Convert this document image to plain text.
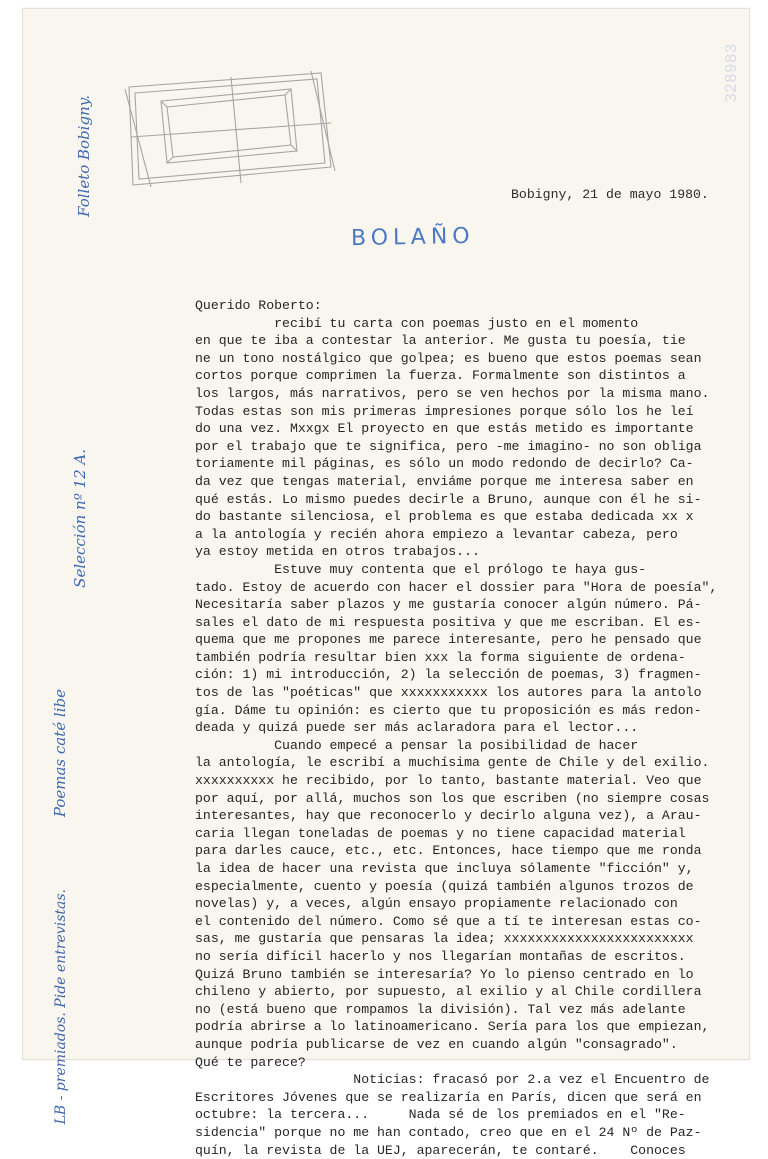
328983
Bobigny, 21 de mayo 1980.
BOLAÑO
Poemas caté libe
Selección nº 12 A.
Folleto Bobigny.
LB - premiados. Pide entrevistas.
Querido Roberto:
recibí tu carta con poemas justo en el momento
en que te iba a contestar la anterior. Me gusta tu poesía, tie
ne un tono nostálgico que golpea; es bueno que estos poemas sean
cortos porque comprimen la fuerza. Formalmente son distintos a
los largos, más narrativos, pero se ven hechos por la misma mano.
Todas estas son mis primeras impresiones porque sólo los he leí
do una vez. Mxxgx El proyecto en que estás metido es importante
por el trabajo que te significa, pero -me imagino- no son obliga
toriamente mil páginas, es sólo un modo redondo de decirlo? Ca-
da vez que tengas material, enviáme porque me interesa saber en
qué estás. Lo mismo puedes decirle a Bruno, aunque con él he si-
do bastante silenciosa, el problema es que estaba dedicada xx x
a la antología y recién ahora empiezo a levantar cabeza, pero
ya estoy metida en otros trabajos...
Estuve muy contenta que el prólogo te haya gus-
tado. Estoy de acuerdo con hacer el dossier para "Hora de poesía",
Necesitaría saber plazos y me gustaría conocer algún número. Pá-
sales el dato de mi respuesta positiva y que me escriban. El es-
quema que me propones me parece interesante, pero he pensado que
también podría resultar bien xxx la forma siguiente de ordena-
ción: 1) mi introducción, 2) la selección de poemas, 3) fragmen-
tos de las "poéticas" que xxxxxxxxxxx los autores para la antolo
gía. Dáme tu opinión: es cierto que tu proposición es más redon-
deada y quizá puede ser más aclaradora para el lector...
Cuando empecé a pensar la posibilidad de hacer
la antología, le escribí a muchísima gente de Chile y del exilio.
xxxxxxxxxx he recibido, por lo tanto, bastante material. Veo que
por aquí, por allá, muchos son los que escriben (no siempre cosas
interesantes, hay que reconocerlo y decirlo alguna vez), a Arau-
caria llegan toneladas de poemas y no tiene capacidad material
para darles cauce, etc., etc. Entonces, hace tiempo que me ronda
la idea de hacer una revista que incluya sólamente "ficción" y,
especialmente, cuento y poesía (quizá también algunos trozos de
novelas) y, a veces, algún ensayo propiamente relacionado con
el contenido del número. Como sé que a tí te interesan estas co-
sas, me gustaría que pensaras la idea; xxxxxxxxxxxxxxxxxxxxxxxx
no sería difícil hacerlo y nos llegarían montañas de escritos.
Quizá Bruno también se interesaría? Yo lo pienso centrado en lo
chileno y abierto, por supuesto, al exilio y al Chile cordillera
no (está bueno que rompamos la división). Tal vez más adelante
podría abrirse a lo latinoamericano. Sería para los que empiezan,
aunque podría publicarse de vez en cuando algún "consagrado".
Qué te parece?
Noticias: fracasó por 2.a vez el Encuentro de
Escritores Jóvenes que se realizaría en París, dicen que será en
octubre: la tercera...     Nada sé de los premiados en el "Re-
sidencia" porque no me han contado, creo que en el 24 Nº de Paz-
quín, la revista de la UEJ, aparecerán, te contaré.    Conoces
